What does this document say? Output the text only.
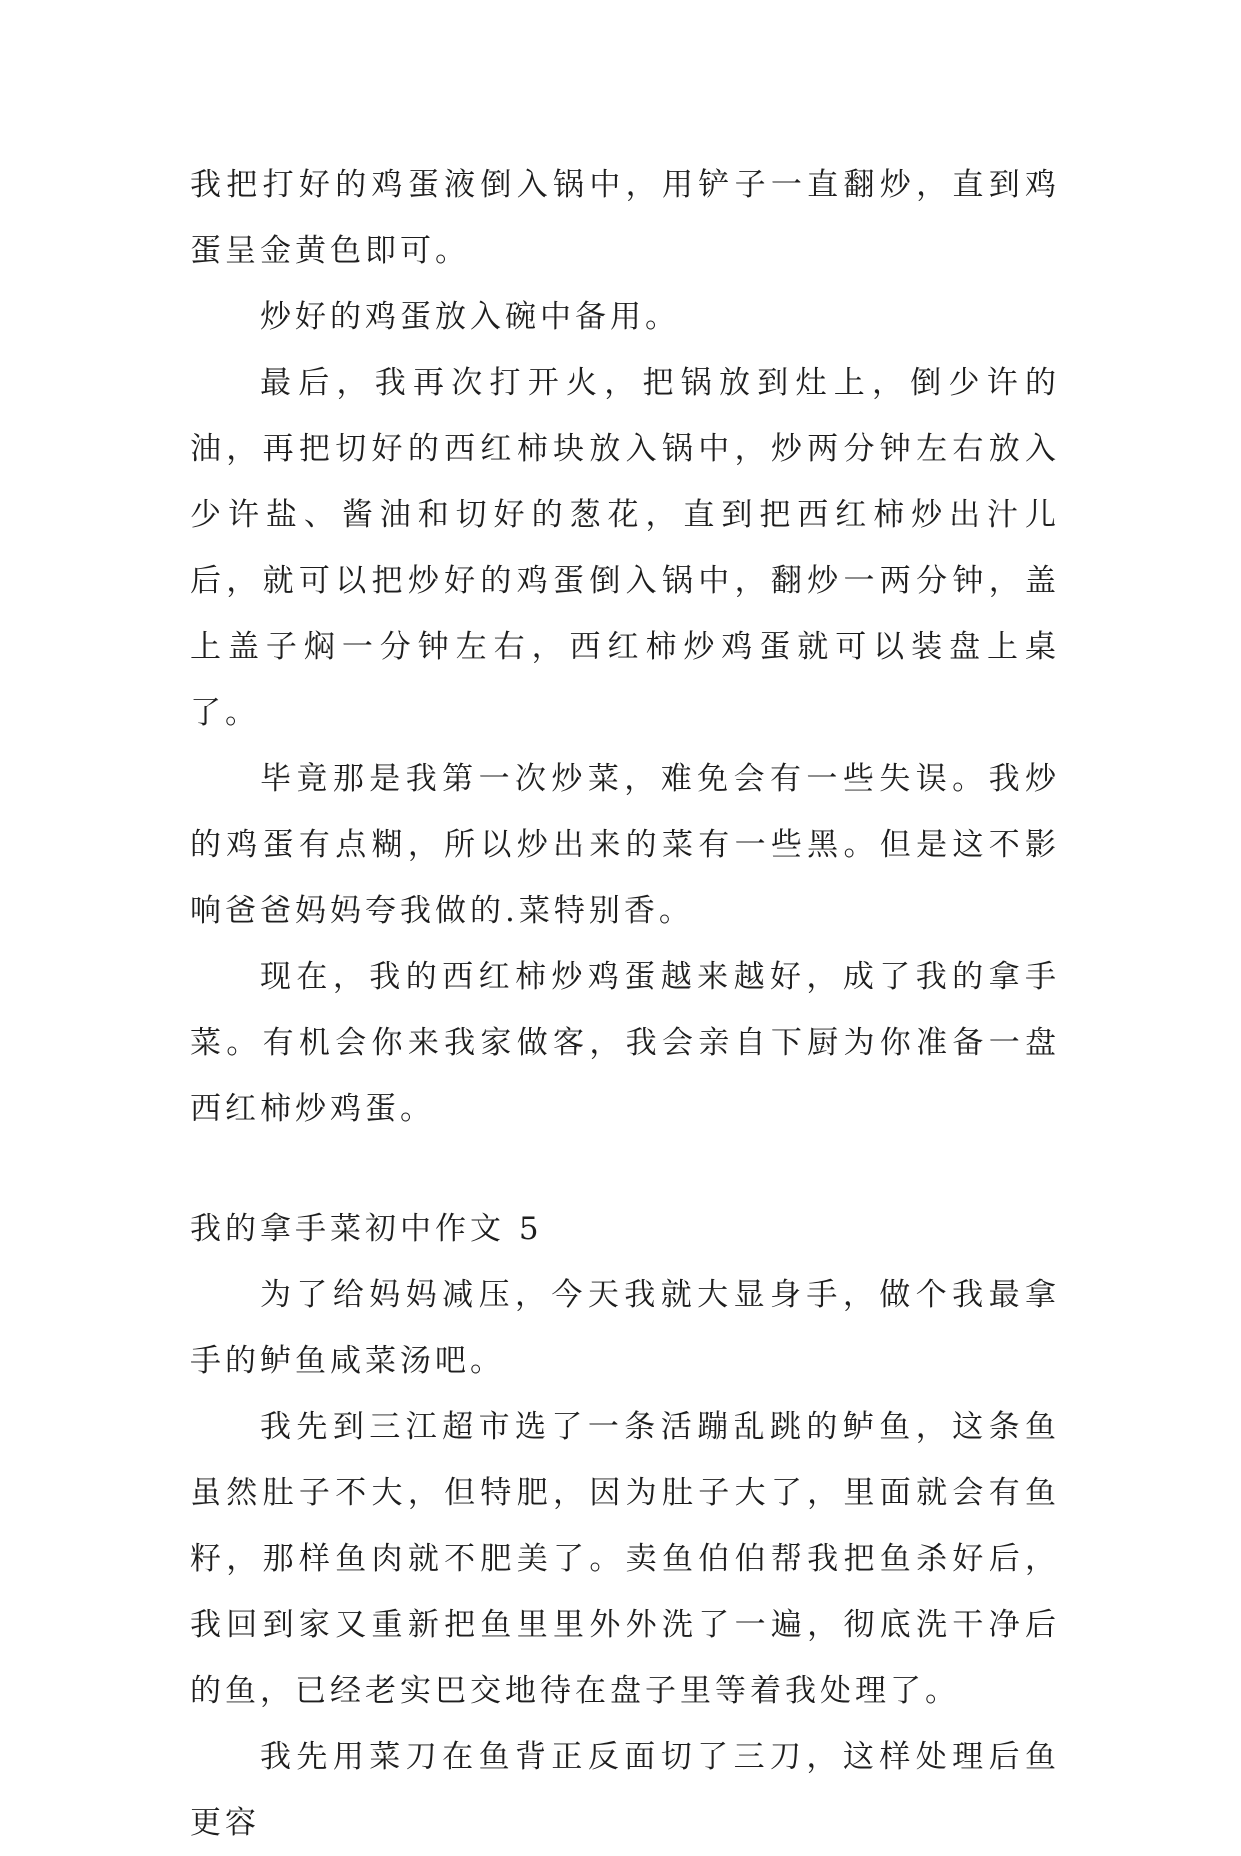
我把打好的鸡蛋液倒入锅中，用铲子一直翻炒，直到鸡蛋呈金黄色即可。

炒好的鸡蛋放入碗中备用。

最后，我再次打开火，把锅放到灶上，倒少许的油，再把切好的西红柿块放入锅中，炒两分钟左右放入少许盐、酱油和切好的葱花，直到把西红柿炒出汁儿后，就可以把炒好的鸡蛋倒入锅中，翻炒一两分钟，盖上盖子焖一分钟左右，西红柿炒鸡蛋就可以装盘上桌了。

毕竟那是我第一次炒菜，难免会有一些失误。我炒的鸡蛋有点糊，所以炒出来的菜有一些黑。但是这不影响爸爸妈妈夸我做的.菜特别香。

现在，我的西红柿炒鸡蛋越来越好，成了我的拿手菜。有机会你来我家做客，我会亲自下厨为你准备一盘西红柿炒鸡蛋。

我的拿手菜初中作文 5

为了给妈妈减压，今天我就大显身手，做个我最拿手的鲈鱼咸菜汤吧。

我先到三江超市选了一条活蹦乱跳的鲈鱼，这条鱼虽然肚子不大，但特肥，因为肚子大了，里面就会有鱼籽，那样鱼肉就不肥美了。卖鱼伯伯帮我把鱼杀好后，我回到家又重新把鱼里里外外洗了一遍，彻底洗干净后的鱼，已经老实巴交地待在盘子里等着我处理了。

我先用菜刀在鱼背正反面切了三刀，这样处理后鱼更容
